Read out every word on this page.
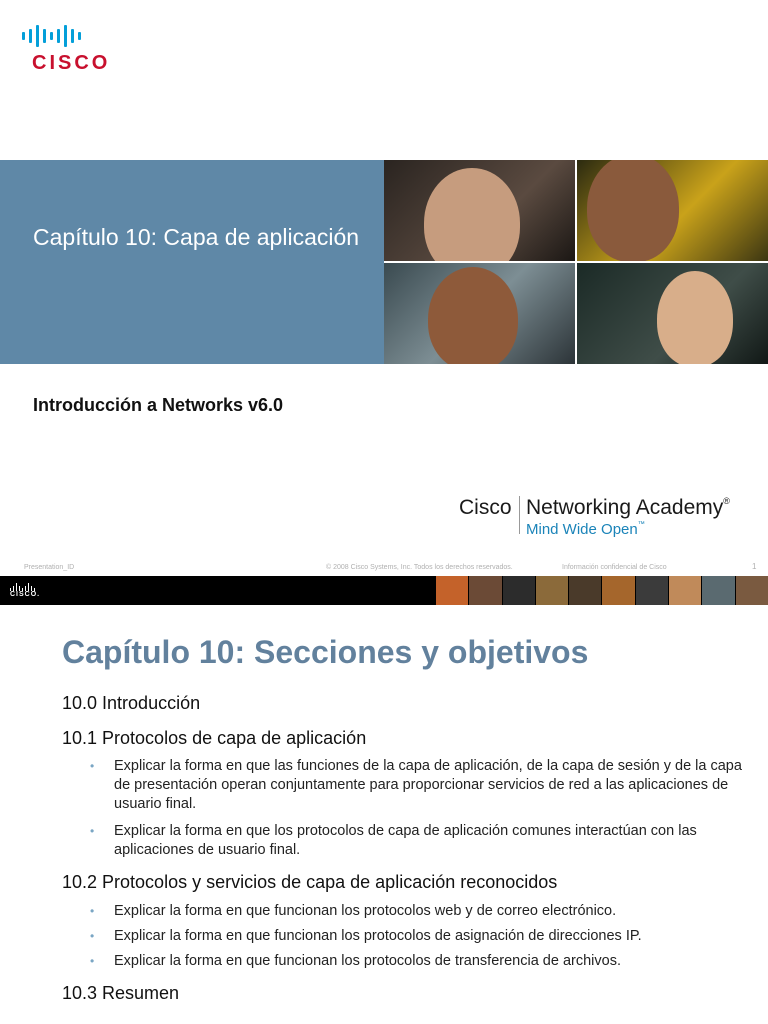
CISCO
Capítulo 10: Capa de aplicación
Introducción a Networks v6.0
Cisco Networking Academy®
Mind Wide Open™
Presentation_ID	© 2008 Cisco Systems, Inc. Todos los derechos reservados.	Información confidencial de Cisco	1
CISCO.
Capítulo 10: Secciones y objetivos
10.0 Introducción
10.1 Protocolos de capa de aplicación
• Explicar la forma en que las funciones de la capa de aplicación, de la capa de sesión y de la capa de presentación operan conjuntamente para proporcionar servicios de red a las aplicaciones de usuario final.
• Explicar la forma en que los protocolos de capa de aplicación comunes interactúan con las aplicaciones de usuario final.
10.2 Protocolos y servicios de capa de aplicación reconocidos
• Explicar la forma en que funcionan los protocolos web y de correo electrónico.
• Explicar la forma en que funcionan los protocolos de asignación de direcciones IP.
• Explicar la forma en que funcionan los protocolos de transferencia de archivos.
10.3 Resumen
